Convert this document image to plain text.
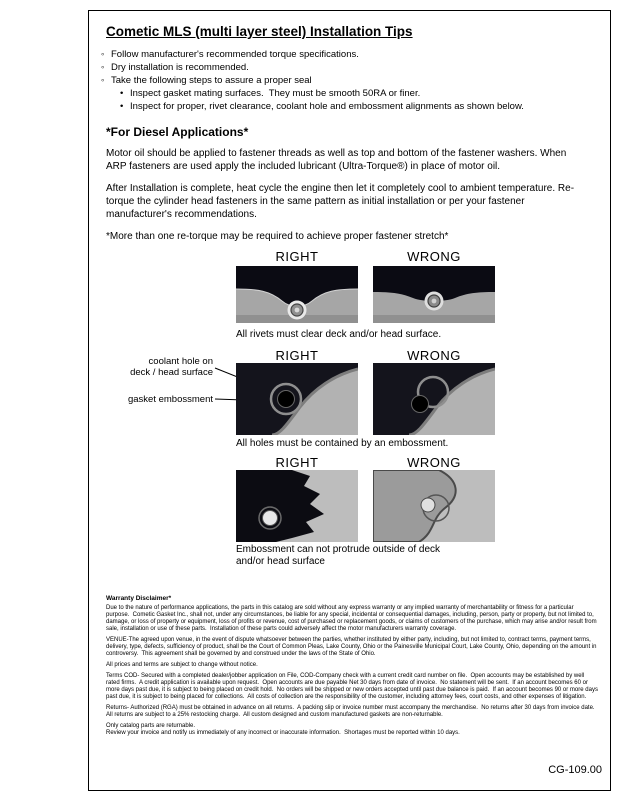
Cometic MLS (multi layer steel) Installation Tips
◦ Follow manufacturer's recommended torque specifications.
◦ Dry installation is recommended.
◦ Take the following steps to assure a proper seal
• Inspect gasket mating surfaces.  They must be smooth 50RA or finer.
• Inspect for proper, rivet clearance, coolant hole and embossment alignments as shown below.
*For Diesel Applications*
Motor oil should be applied to fastener threads as well as top and bottom of the fastener washers. When ARP fasteners are used apply the included lubricant (Ultra-Torque®) in place of motor oil.
After Installation is complete, heat cycle the engine then let it completely cool to ambient temperature. Re-torque the cylinder head fasteners in the same pattern as initial installation or per your fastener manufacturer's recommendations.
*More than one re-torque may be required to achieve proper fastener stretch*
RIGHT	WRONG
All rivets must clear deck and/or head surface.
RIGHT	WRONG
coolant hole on
deck / head surface
gasket embossment
All holes must be contained by an embossment.
RIGHT	WRONG
Embossment can not protrude outside of deck and/or head surface
Warranty Disclaimer*

Due to the nature of performance applications, the parts in this catalog are sold without any express warranty or any implied warranty of merchantability or fitness for a particular purpose.  Cometic Gasket Inc., shall not, under any circumstances, be liable for any special, incidental or consequential damages, including, person, party or property, but not limited to, damage, or loss of property or equipment, loss of profits or revenue, cost of purchased or replacement goods, or claims of customers of the purchase, which may arise and/or result from sale, installation or use of these parts.  Installation of these parts could adversely affect the motor manufacturers warranty coverage.

VENUE-The agreed upon venue, in the event of dispute whatsoever between the parties, whether instituted by either party, including, but not limited to, contract terms, payment terms, delivery, type, defects, sufficiency of product, shall be the Court of Common Pleas, Lake County, Ohio or the Painesville Municipal Court, Lake County, Ohio, depending on the amount in controversy.  This agreement shall be governed by and construed under the laws of the State of Ohio.

All prices and terms are subject to change without notice.

Terms COD- Secured with a completed dealer/jobber application on File, COD-Company check with a current credit card number on file.  Open accounts may be established by well rated firms.  A credit application is available upon request.  Open accounts are due payable Net 30 days from date of invoice.  No statement will be sent.  If an account becomes 60 or more days past due, it is subject to being placed on credit hold.  No orders will be shipped or new orders accepted until past due balance is paid.  If an account becomes 90 or more days past due, it is subject to being placed for collections.  All costs of collection are the responsibility of the customer, including attorney fees, court costs, and other expenses of litigation.

Returns- Authorized (RGA) must be obtained in advance on all returns.  A packing slip or invoice number must accompany the merchandise.  No returns after 30 days from invoice date.  All returns are subject to a 25% restocking charge.  All custom designed and custom manufactured gaskets are non-returnable.

Only catalog parts are returnable.

Review your invoice and notify us immediately of any incorrect or inaccurate information.  Shortages must be reported within 10 days.

CG-109.00
